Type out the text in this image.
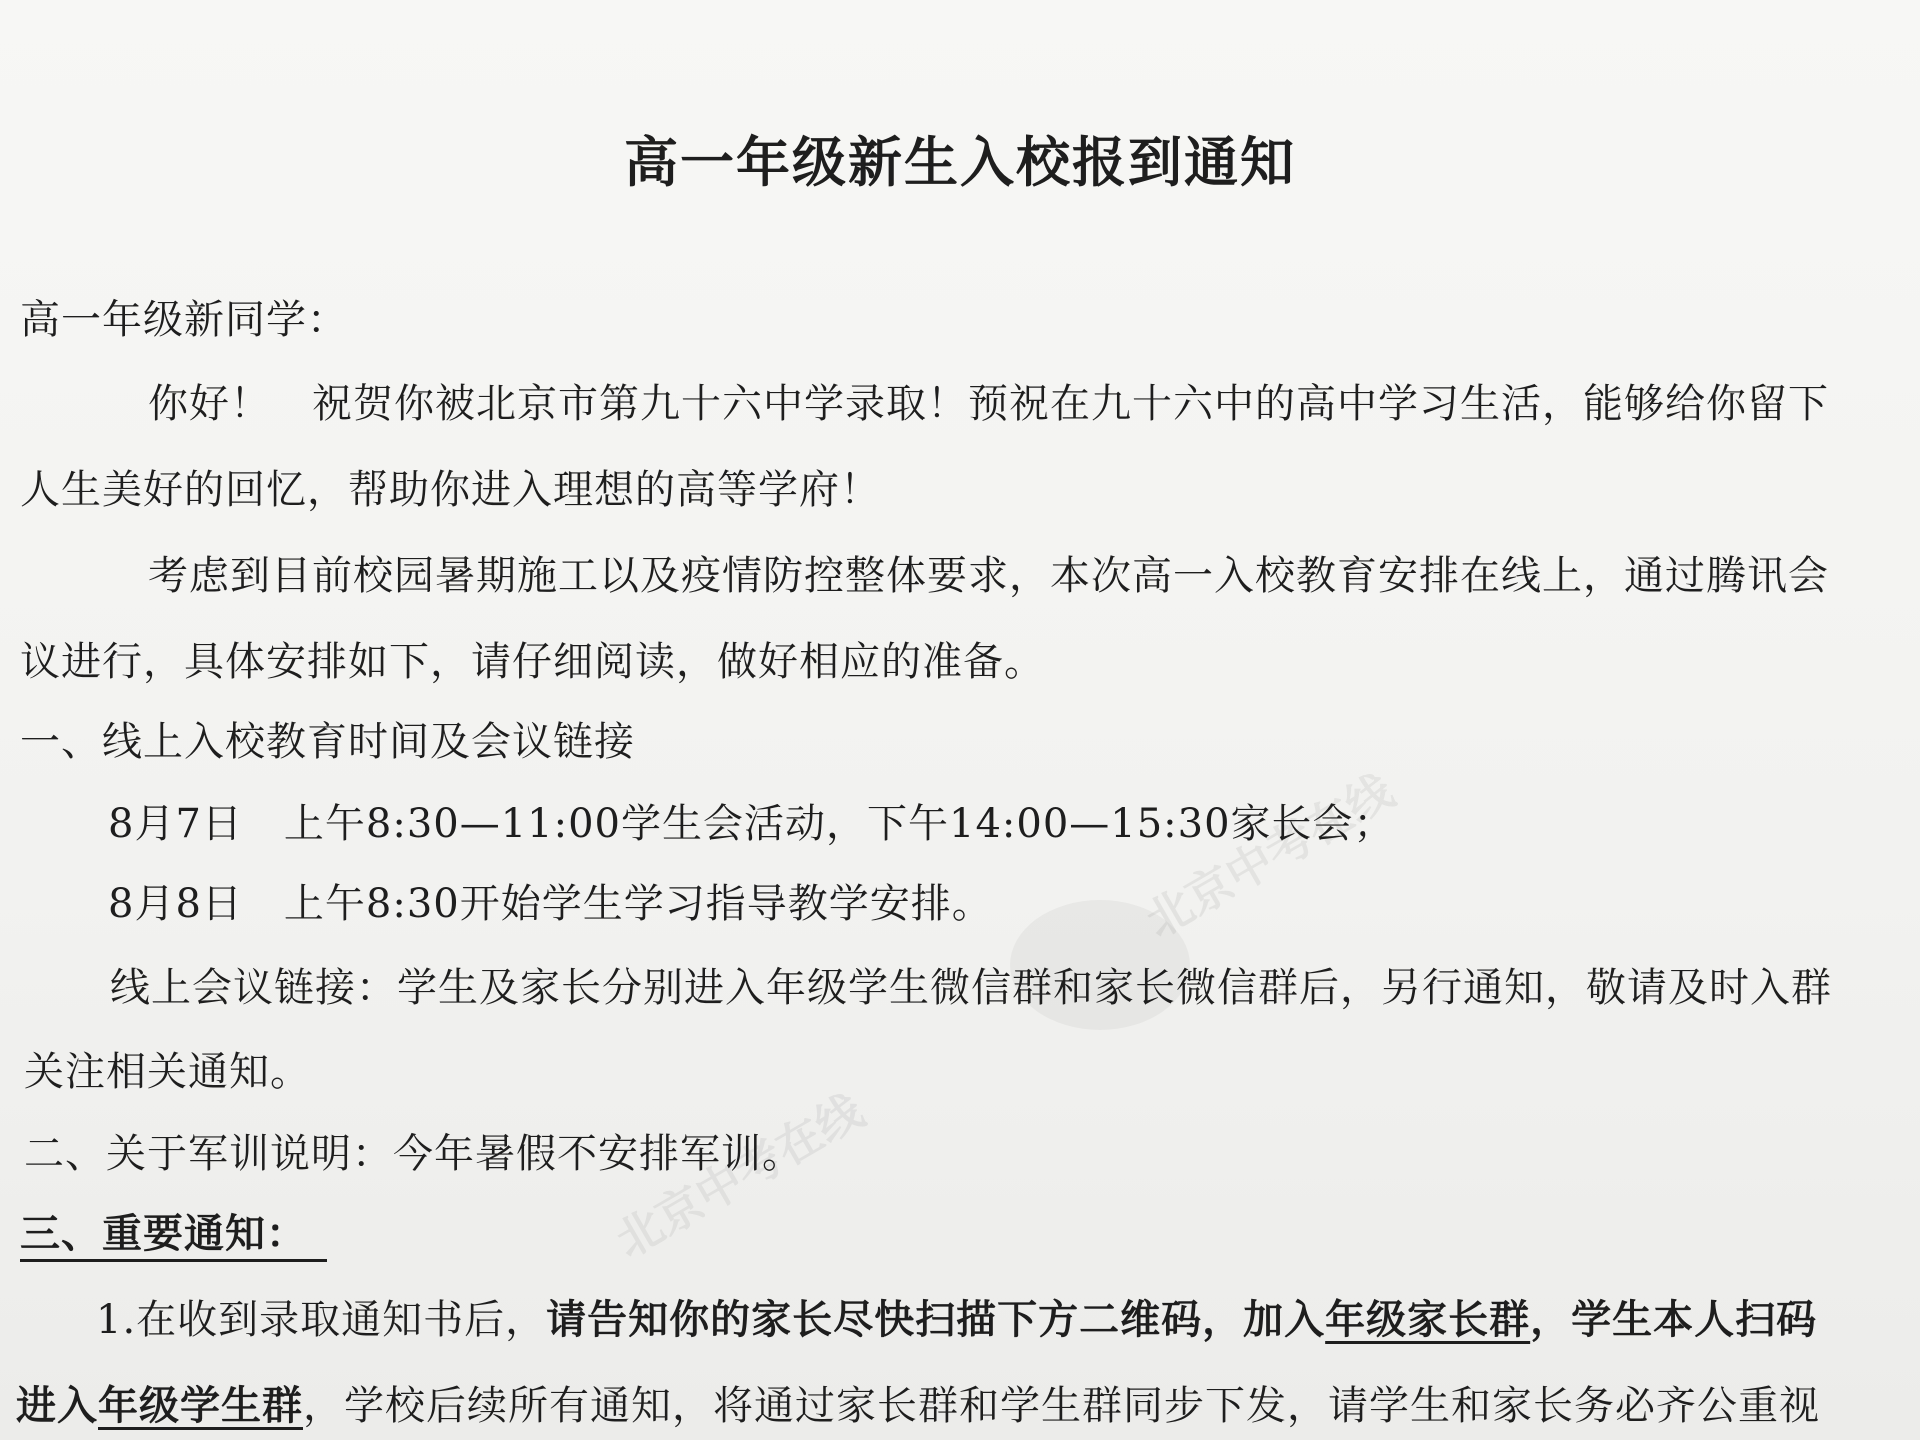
北京中考在线
北京中考在线
高一年级新生入校报到通知
高一年级新同学：
你好！　祝贺你被北京市第九十六中学录取！预祝在九十六中的高中学习生活，能够给你留下
人生美好的回忆，帮助你进入理想的高等学府！
考虑到目前校园暑期施工以及疫情防控整体要求，本次高一入校教育安排在线上，通过腾讯会
议进行，具体安排如下，请仔细阅读，做好相应的准备。
一、线上入校教育时间及会议链接
8月7日　上午8:30—11:00学生会活动，下午14:00—15:30家长会；
8月8日　上午8:30开始学生学习指导教学安排。
线上会议链接：学生及家长分别进入年级学生微信群和家长微信群后，另行通知，敬请及时入群
关注相关通知。
二、关于军训说明：今年暑假不安排军训。
三、重要通知：
1.在收到录取通知书后，请告知你的家长尽快扫描下方二维码，加入年级家长群，学生本人扫码
进入年级学生群，学校后续所有通知，将通过家长群和学生群同步下发，请学生和家长务必齐公重视
